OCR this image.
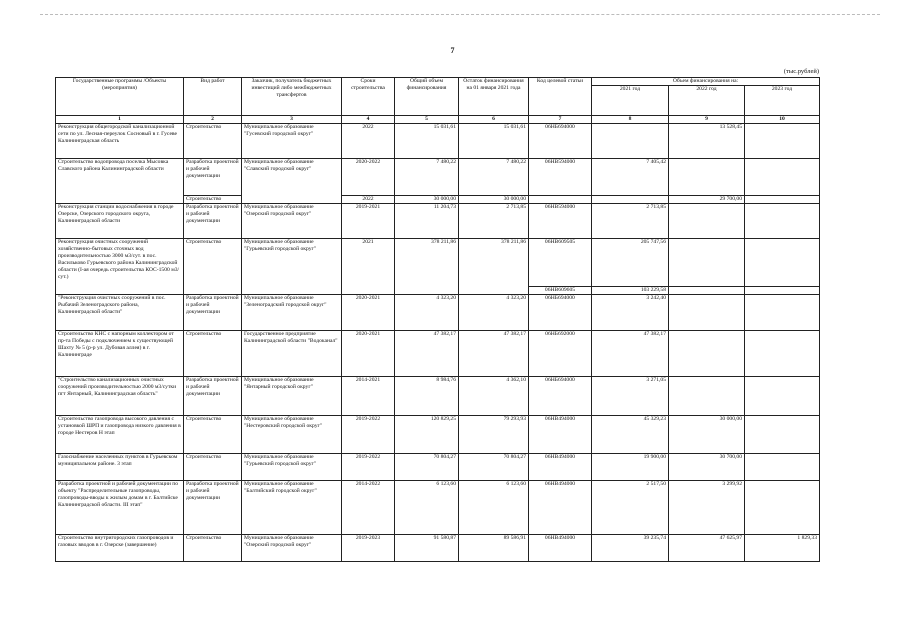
7
(тыс.рублей)
Государственные программы /Объекты (мероприятия)	Вид работ	Заказчик, получатель бюджетных инвестиций либо межбюджетных трансфертов	Сроки строительства	Общий объем финансирования	Остаток финансирования на 01 января 2021 года	Код целевой статьи	Объем финансирования на:		
							2021 год	2022 год	2023 год
1	2	3	4	5	6	7	8	9	10
Реконструкция общегородской канализационной сети по ул. Лесная-переулок Сосновый в г. Гусеве Калининградская область	Строительство	Муниципальное образование "Гусевский городской округ"	2022	15 031,61	15 031,61	06НБ694000		13 528,45	
Строительство водопровода поселка Мысовка Славского района Калининградской области	Разработка проектной и рабочей документации	Муниципальное образование "Славский городской округ"	2020-2022	7 480,22	7 480,22	06НВ594000	7 405,42		
	Строительство		2022	30 000,00	30 000,00			29 700,00	
Реконструкция станции водоснабжения в городе Озерске, Озерского городского округа, Калининградской области	Разработка проектной и рабочей документации	Муниципальное образование "Озерский городской округ"	2019-2021	11 204,73	2 713,85	06НВ594000	2 713,85		
Реконструкция очистных сооружений хозяйственно-бытовых сточных вод производительностью 3000 м3/сут. в пос. Васильково Гурьевского района Калининградской области (I-ая очередь строительства КОС-1500 м3/сут.)	Строительство	Муниципальное образование "Гурьевский городской округ"	2021	378 211,86	378 211,86	06НВ609505	205 747,56		
						06НВ609605	103 229,58		
"Реконструкция очистных сооружений в пос. Рыбачий Зеленоградского района, Калининградской области"	Разработка проектной и рабочей документации	Муниципальное образование "Зеленоградский городской округ"	2020-2021	4 323,20	4 323,20	06НБ694000	3 242,40		
Строительство КНС с напорным коллектором от пр-та Победы с подключением к существующей Шахту № 5 (р-р ул. Дубовая аллея) в г. Калининграде	Строительство	Государственное предприятие Калининградской области "Водоканал"	2020-2021	47 382,17	47 382,17	06НБ692000	47 382,17		
"Строительство канализационных очистных сооружений производительностью 2000 м3/сутки пгт Янтарный, Калининградская область"	Разработка проектной и рабочей документации	Муниципальное образование "Янтарный городской округ"	2014-2021	8 984,76	4 362,10	06НБ694000	3 271,05		
Строительство газопровода высокого давления с установкой ШРП и газопровода низкого давления в городе Нестеров Н этап	Строительство	Муниципальное образование "Нестеровский городской округ"	2019-2022	120 829,25	79 293,93	06НВ494000	45 329,23	30 000,00	
Газоснабжение населенных пунктов в Гурьевском муниципальном районе. 3 этап	Строительство	Муниципальное образование "Гурьевский городской округ"	2019-2022	70 804,27	70 804,27	06НВ494000	19 900,00	30 700,00	
Разработка проектной и рабочей документации по объекту "Распределительные газопроводы, газопроводы-вводы к жилым домам в г. Балтийске Калининградской области. III этап"	Разработка проектной и рабочей документации	Муниципальное образование "Балтийский городской округ"	2014-2022	6 123,60	6 123,60	06НВ494000	2 517,50	3 299,92	
Строительство внутригородских газопроводов и газовых вводов в г. Озерске (завершение)	Строительство	Муниципальное образование "Озерский городской округ"	2019-2023	91 580,87	89 586,91	06НВ494000	39 235,74	47 625,97	1 829,33
